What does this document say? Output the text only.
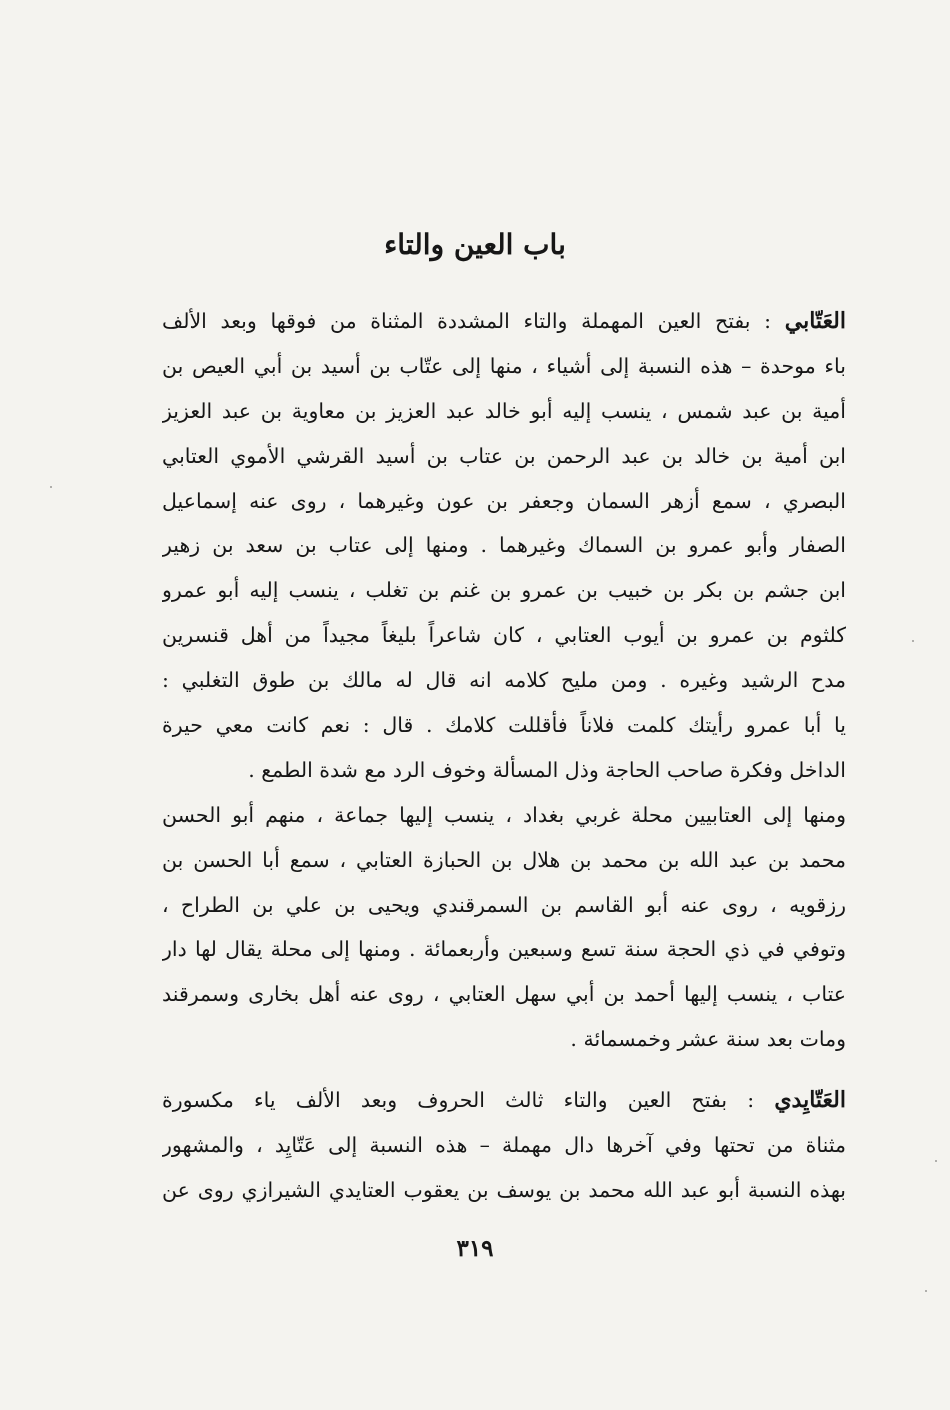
باب العين والتاء
العَتّابي : بفتح العين المهملة والتاء المشددة المثناة من فوقها وبعد الألف
باء موحدة – هذه النسبة إلى أشياء ، منها إلى عتّاب بن أسيد بن أبي العيص بن
أمية بن عبد شمس ، ينسب إليه أبو خالد عبد العزيز بن معاوية بن عبد العزيز
ابن أمية بن خالد بن عبد الرحمن بن عتاب بن أسيد القرشي الأموي العتابي
البصري ، سمع أزهر السمان وجعفر بن عون وغيرهما ، روى عنه إسماعيل
الصفار وأبو عمرو بن السماك وغيرهما . ومنها إلى عتاب بن سعد بن زهير
ابن جشم بن بكر بن خبيب بن عمرو بن غنم بن تغلب ، ينسب إليه أبو عمرو
كلثوم بن عمرو بن أيوب العتابي ، كان شاعراً بليغاً مجيداً من أهل قنسرين
مدح الرشيد وغيره . ومن مليح كلامه انه قال له مالك بن طوق التغلبي :
يا أبا عمرو رأيتك كلمت فلاناً فأقللت كلامك . قال : نعم كانت معي حيرة
الداخل وفكرة صاحب الحاجة وذل المسألة وخوف الرد مع شدة الطمع .
ومنها إلى العتابيين محلة غربي بغداد ، ينسب إليها جماعة ، منهم أبو الحسن
محمد بن عبد الله بن محمد بن هلال بن الحبازة العتابي ، سمع أبا الحسن بن
رزقويه ، روى عنه أبو القاسم بن السمرقندي ويحيى بن علي بن الطراح ،
وتوفي في ذي الحجة سنة تسع وسبعين وأربعمائة . ومنها إلى محلة يقال لها دار
عتاب ، ينسب إليها أحمد بن أبي سهل العتابي ، روى عنه أهل بخارى وسمرقند
ومات بعد سنة عشر وخمسمائة .
العَتّايِدي : بفتح العين والتاء ثالث الحروف وبعد الألف ياء مكسورة
مثناة من تحتها وفي آخرها دال مهملة – هذه النسبة إلى عَتّايِد ، والمشهور
بهذه النسبة أبو عبد الله محمد بن يوسف بن يعقوب العتايدي الشيرازي روى عن
٣١٩
